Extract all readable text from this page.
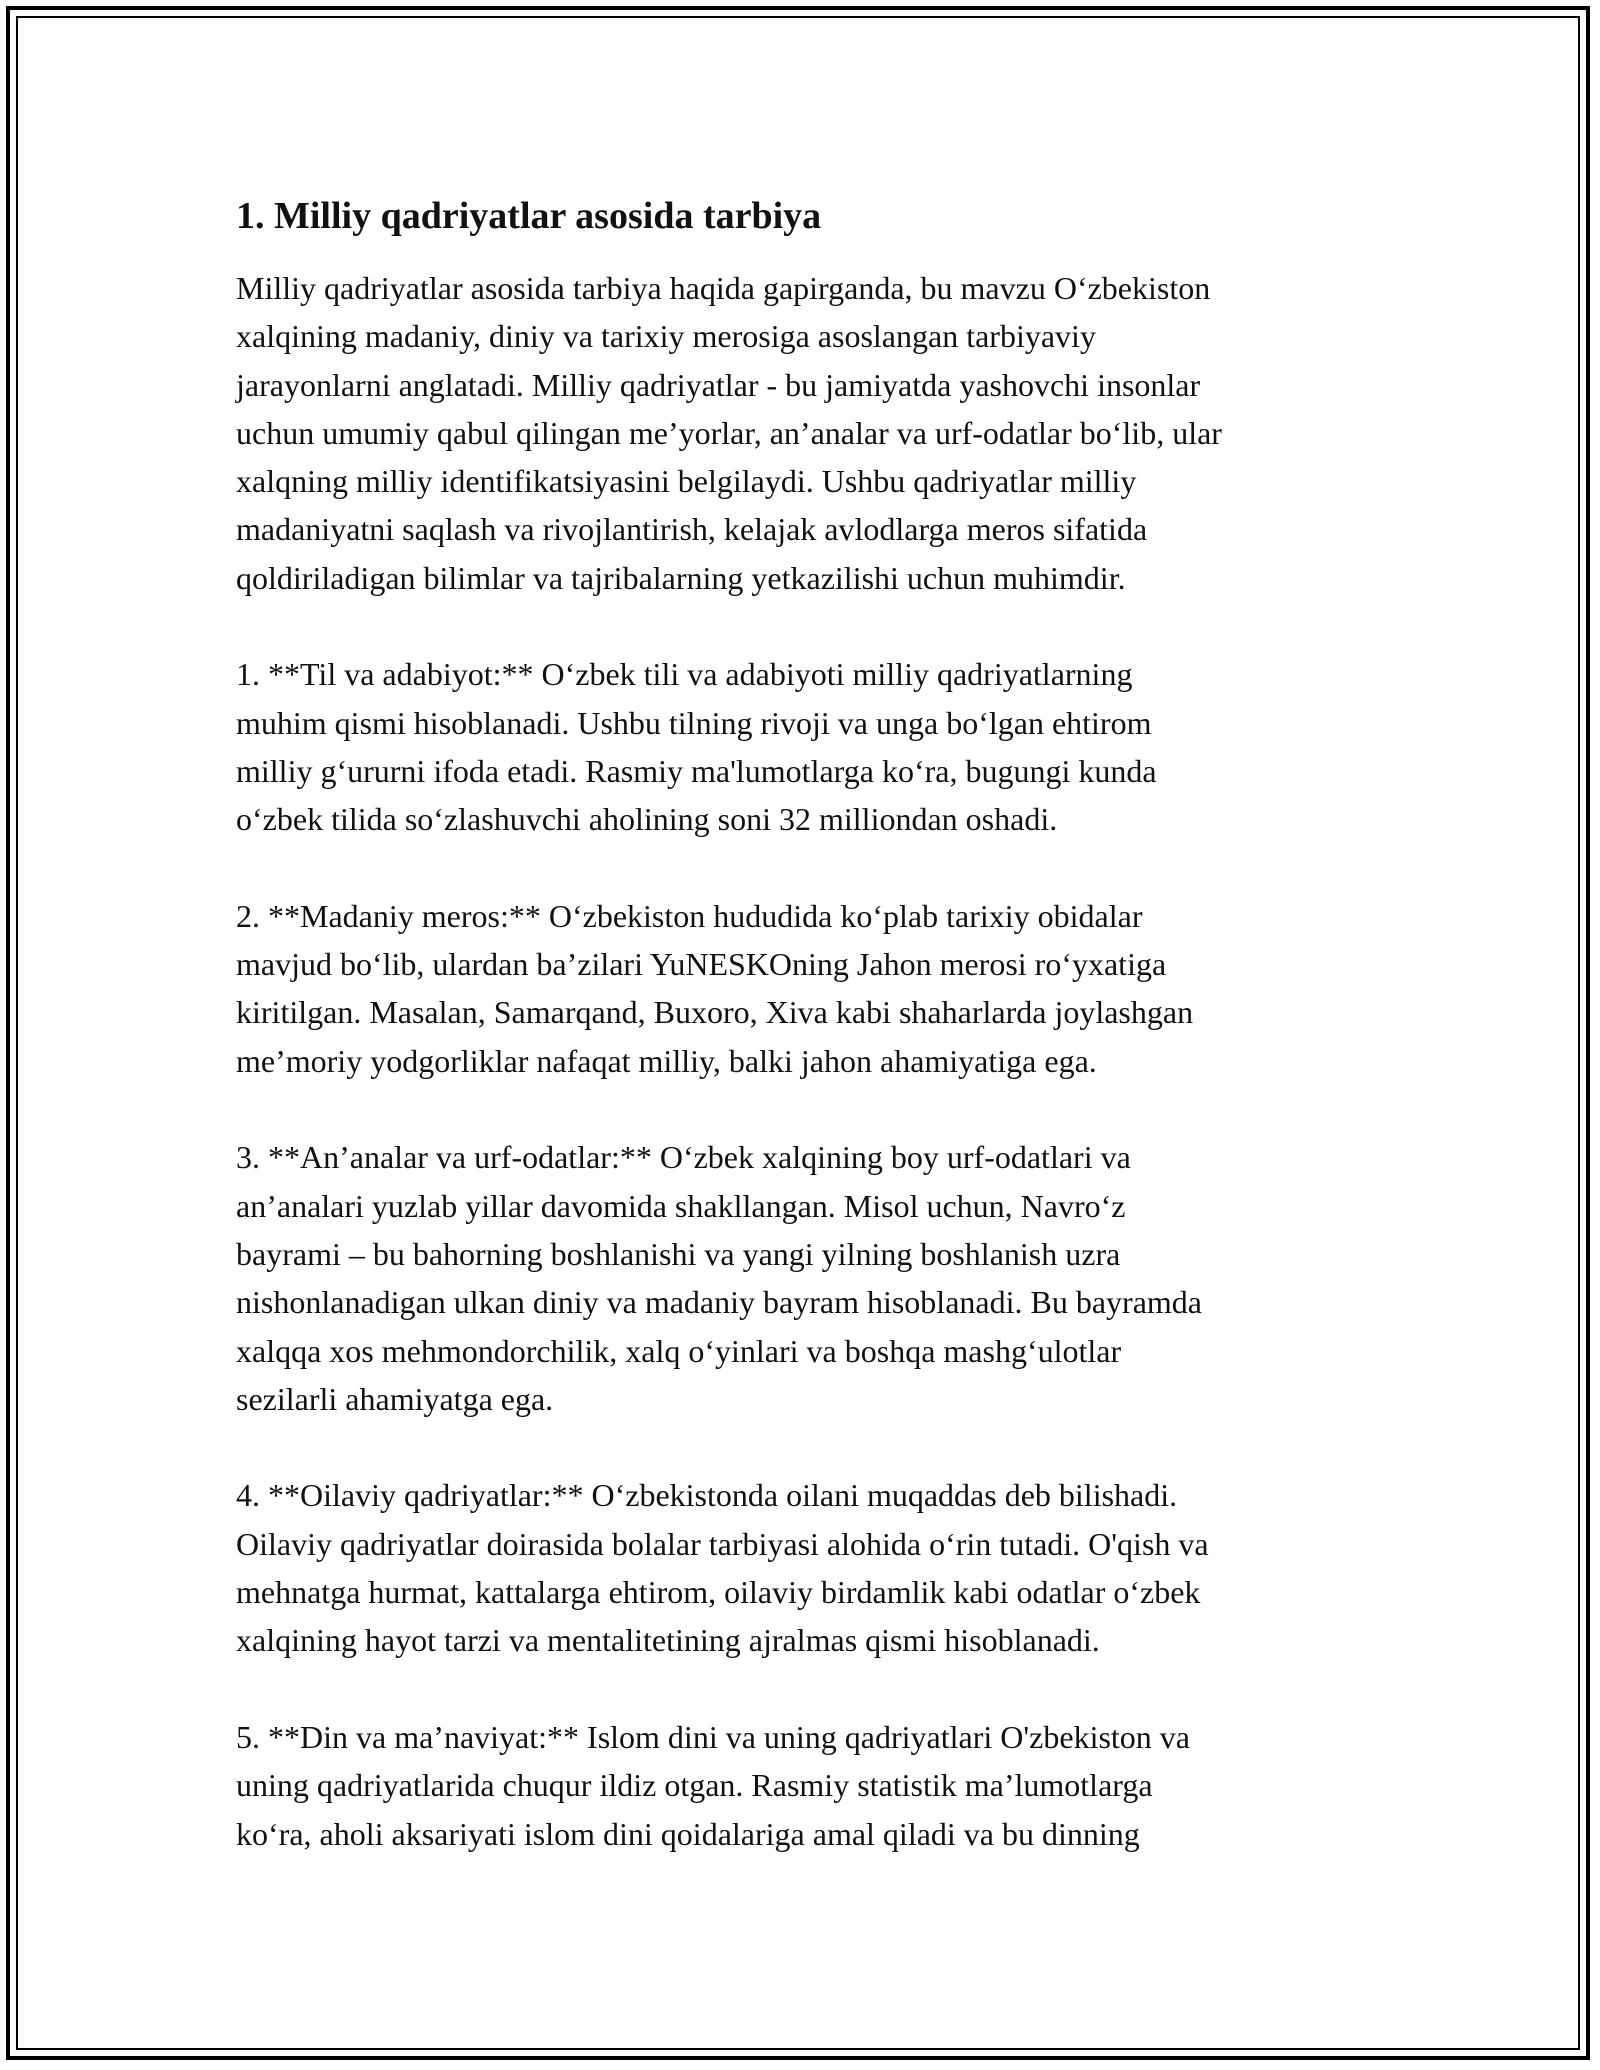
1. Milliy qadriyatlar asosida tarbiya

Milliy qadriyatlar asosida tarbiya haqida gapirganda, bu mavzu O‘zbekiston
xalqining madaniy, diniy va tarixiy merosiga asoslangan tarbiyaviy
jarayonlarni anglatadi. Milliy qadriyatlar - bu jamiyatda yashovchi insonlar
uchun umumiy qabul qilingan me’yorlar, an’analar va urf-odatlar bo‘lib, ular
xalqning milliy identifikatsiyasini belgilaydi. Ushbu qadriyatlar milliy
madaniyatni saqlash va rivojlantirish, kelajak avlodlarga meros sifatida
qoldiriladigan bilimlar va tajribalarning yetkazilishi uchun muhimdir.

1. **Til va adabiyot:** O‘zbek tili va adabiyoti milliy qadriyatlarning
muhim qismi hisoblanadi. Ushbu tilning rivoji va unga bo‘lgan ehtirom
milliy g‘ururni ifoda etadi. Rasmiy ma'lumotlarga ko‘ra, bugungi kunda
o‘zbek tilida so‘zlashuvchi aholining soni 32 milliondan oshadi.

2. **Madaniy meros:** O‘zbekiston hududida ko‘plab tarixiy obidalar
mavjud bo‘lib, ulardan ba’zilari YuNESKOning Jahon merosi ro‘yxatiga
kiritilgan. Masalan, Samarqand, Buxoro, Xiva kabi shaharlarda joylashgan
me’moriy yodgorliklar nafaqat milliy, balki jahon ahamiyatiga ega.

3. **An’analar va urf-odatlar:** O‘zbek xalqining boy urf-odatlari va
an’analari yuzlab yillar davomida shakllangan. Misol uchun, Navro‘z
bayrami – bu bahorning boshlanishi va yangi yilning boshlanish uzra
nishonlanadigan ulkan diniy va madaniy bayram hisoblanadi. Bu bayramda
xalqqa xos mehmondorchilik, xalq o‘yinlari va boshqa mashg‘ulotlar
sezilarli ahamiyatga ega.

4. **Oilaviy qadriyatlar:** O‘zbekistonda oilani muqaddas deb bilishadi.
Oilaviy qadriyatlar doirasida bolalar tarbiyasi alohida o‘rin tutadi. O'qish va
mehnatga hurmat, kattalarga ehtirom, oilaviy birdamlik kabi odatlar o‘zbek
xalqining hayot tarzi va mentalitetining ajralmas qismi hisoblanadi.

5. **Din va ma’naviyat:** Islom dini va uning qadriyatlari O'zbekiston va
uning qadriyatlarida chuqur ildiz otgan. Rasmiy statistik ma’lumotlarga
ko‘ra, aholi aksariyati islom dini qoidalariga amal qiladi va bu dinning
